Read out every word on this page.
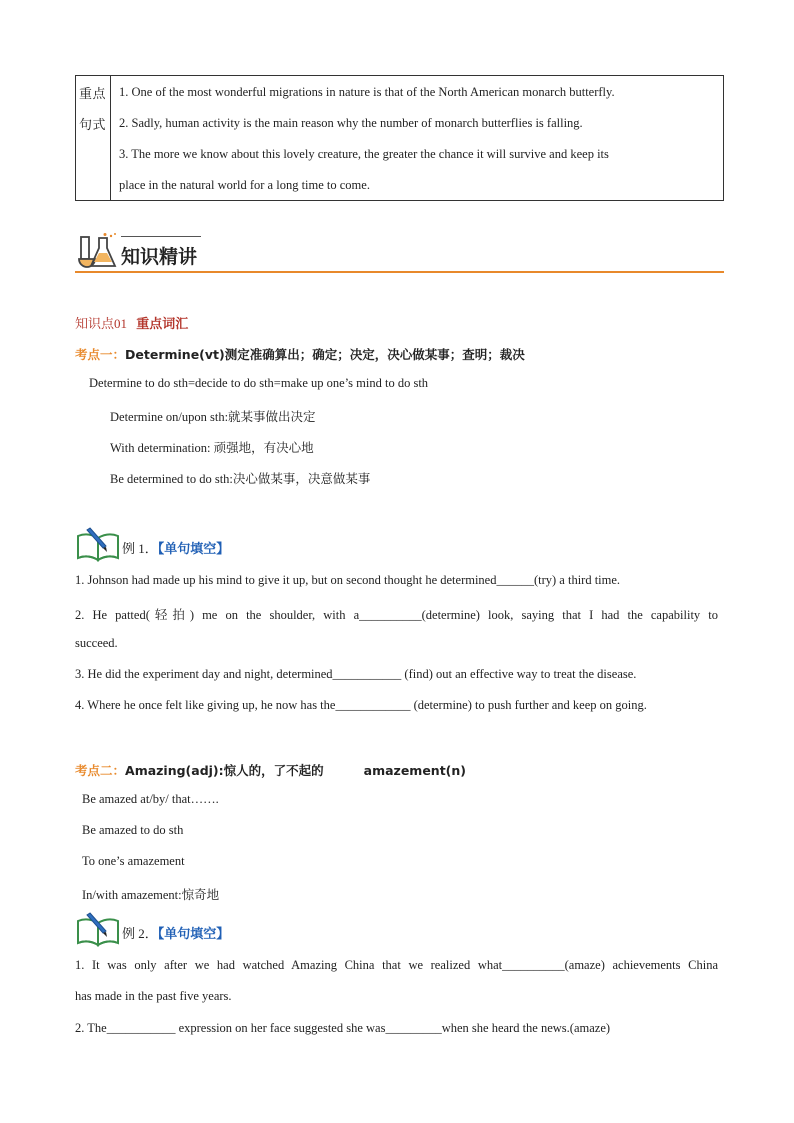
重点
句式
1. One of the most wonderful migrations in nature is that of the North American monarch butterfly.
2. Sadly, human activity is the main reason why the number of monarch butterflies is falling.
3. The more we know about this lovely creature, the greater the chance it will survive and keep its
place in the natural world for a long time to come.
知识精讲
知识点01 重点词汇
考点一：Determine(vt)测定准确算出；确定；决定，决心做某事；查明；裁决
Determine to do sth=decide to do sth=make up one’s mind to do sth
Determine on/upon sth:就某事做出决定
With determination: 顽强地，有决心地
Be determined to do sth:决心做某事，决意做某事
例 1．【单句填空】
1. Johnson had made up his mind to give it up, but on second thought he determined______(try) a third time.
2. He patted(轻拍) me on the shoulder, with a__________(determine) look, saying that I had the capability to
succeed.
3. He did the experiment day and night, determined___________ (find) out an effective way to treat the disease.
4. Where he once felt like giving up, he now has the____________ (determine) to push further and keep on going.
考点二：Amazing(adj):惊人的，了不起的	amazement(n)
Be amazed at/by/ that…….
Be amazed to do sth
To one’s amazement
In/with amazement:惊奇地
例 2．【单句填空】
1. It was only after we had watched Amazing China that we realized what__________(amaze) achievements China
has made in the past five years.
2. The___________ expression on her face suggested she was_________when she heard the news.(amaze)
